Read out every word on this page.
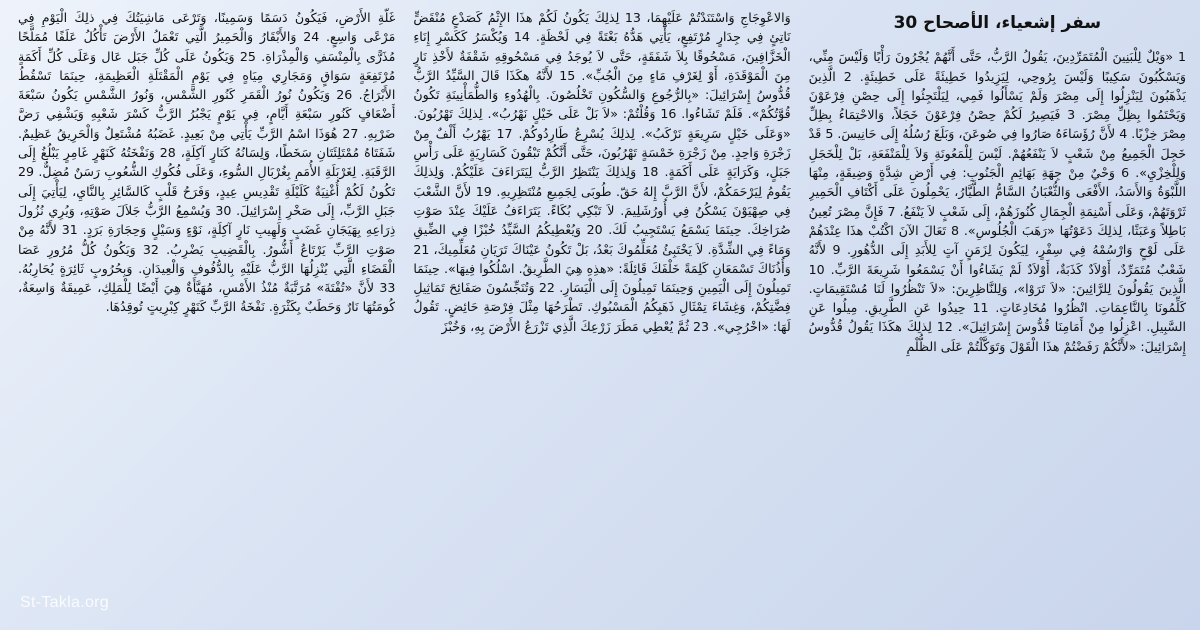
سفر إشعياء، الأصحاح 30

1 «وَيْلٌ لِلْبَنِينَ الْمُتَمَرِّدِينَ، يَقُولُ الرَّبُّ، حَتَّى أَنَّهُمْ يُجْرُونَ رَأْيًا وَلَيْسَ مِنِّي، وَيَسْكُبُونَ سَكِيبًا وَلَيْسَ بِرُوحِي، لِيَزِيدُوا خَطِيئَةً عَلَى خَطِيئَةٍ. 2 الَّذِينَ يَذْهَبُونَ لِيَنْزِلُوا إِلَى مِصْرَ وَلَمْ يَسْأَلُوا فَمِي، لِيَلْتَجِئُوا إِلَى حِصْنِ فِرْعَوْنَ وَيَحْتَمُوا بِظِلِّ مِصْرَ. 3 فَيَصِيرُ لَكُمْ حِصْنُ فِرْعَوْنَ خَجَلاً، وَالاحْتِمَاءُ بِظِلِّ مِصْرَ خِزْيًا. 4 لأَنَّ رُؤَسَاءَهُ صَارُوا فِي صُوعَنَ، وَبَلَغَ رُسُلُهُ إِلَى حَانِيسَ. 5 قَدْ خَجِلَ الْجَمِيعُ مِنْ شَعْبٍ لاَ يَنْفَعُهُمْ. لَيْسَ لِلْمَعُونَةِ وَلاَ لِلْمَنْفَعَةِ، بَلْ لِلْخَجَلِ وَلِلْخِزْيِ». 6 وَحْيٌ مِنْ جِهَةِ بَهَائِمِ الْجَنُوبِ: فِي أَرْضِ شِدَّةٍ وَضِيقَةٍ، مِنْهَا اللَّبْوَةُ وَالأَسَدُ، الأَفْعَى وَالثُّعْبَانُ السَّامُّ الطَّيَّارُ، يَحْمِلُونَ عَلَى أَكْتَافِ الْحَمِيرِ ثَرْوَتَهُمْ، وَعَلَى أَسْنِمَةِ الْجِمَالِ كُنُوزَهُمْ، إِلَى شَعْبٍ لاَ يَنْفَعُ. 7 فَإِنَّ مِصْرَ تُعِينُ بَاطِلاً وَعَبَثًا، لِذلِكَ دَعَوْتُهَا «رَهَبَ الْجُلُوسِ». 8 تَعَالَ الآنَ اكْتُبْ هذَا عِنْدَهُمْ عَلَى لَوْحٍ وَارْسُمْهُ فِي سِفْرٍ، لِيَكُونَ لِزَمَنٍ آتٍ لِلأَبَدِ إِلَى الدُّهُورِ. 9 لأَنَّهُ شَعْبٌ مُتَمَرِّدٌ، أَوْلاَدٌ كَذَبَةٌ، أَوْلاَدٌ لَمْ يَشَاءُوا أَنْ يَسْمَعُوا شَرِيعَةَ الرَّبِّ. 10 الَّذِينَ يَقُولُونَ لِلرَّائِينَ: «لاَ تَرَوْا»، وَلِلنَّاظِرِينَ: «لاَ تَنْظُرُوا لَنَا مُسْتَقِيمَاتٍ. كَلِّمُونَا بِالنَّاعِمَاتِ. انْظُرُوا مُخَادِعَاتٍ. 11 حِيدُوا عَنِ الطَّرِيقِ. مِيلُوا عَنِ السَّبِيلِ. اعْزِلُوا مِنْ أَمَامِنَا قُدُّوسَ إِسْرَائِيلَ». 12 لِذلِكَ هكَذَا يَقُولُ قُدُّوسُ إِسْرَائِيلَ: «لأَنَّكُمْ رَفَضْتُمْ هذَا الْقَوْلَ وَتَوَكَّلْتُمْ عَلَى الظُّلْمِ

وَالاعْوِجَاجِ وَاسْتَنَدْتُمْ عَلَيْهِمَا، 13 لِذلِكَ يَكُونُ لَكُمْ هذَا الإِثْمُ كَصَدْعٍ مُنْقَضٍّ نَاتِئٍ فِي جِدَارٍ مُرْتَفِعٍ، يَأْتِي هَدُّهُ بَغْتَةً فِي لَحْظَةٍ. 14 وَيُكْسَرُ كَكَسْرِ إِنَاءِ الْخَزَّافِينَ، مَسْحُوقًا بِلاَ شَفَقَةٍ، حَتَّى لاَ يُوجَدُ فِي مَسْحُوقِهِ شَقْفَةٌ لأَخْذِ نَارٍ مِنَ الْمَوْقَدَةِ، أَوْ لِغَرْفِ مَاءٍ مِنَ الْجُبِّ». 15 لأَنَّهُ هكَذَا قَالَ السَّيِّدُ الرَّبُّ قُدُّوسُ إِسْرَائِيلَ: «بِالرُّجُوعِ وَالسُّكُونِ تَخْلُصُونَ. بِالْهُدُوءِ وَالطُّمَأْنِينَةِ تَكُونُ قُوَّتُكُمْ». فَلَمْ تَشَاءُوا. 16 وَقُلْتُمْ: «لاَ بَلْ عَلَى خَيْلٍ نَهْرُبُ». لِذلِكَ تَهْرُبُونَ. «وَعَلَى خَيْلٍ سَرِيعَةٍ نَرْكَبُ». لِذلِكَ يُسْرِعُ طَارِدُوكُمْ. 17 يَهْرُبُ أَلْفٌ مِنْ زَجْرَةِ وَاحِدٍ. مِنْ زَجْرَةِ خَمْسَةٍ تَهْرُبُونَ، حَتَّى أَنَّكُمْ تَبْقُونَ كَسَارِيَةٍ عَلَى رَأْسِ جَبَلٍ، وَكَرَايَةٍ عَلَى أَكَمَةٍ. 18 وَلِذلِكَ يَنْتَظِرُ الرَّبُّ لِيَتَرَاءَفَ عَلَيْكُمْ. وَلِذلِكَ يَقُومُ لِيَرْحَمَكُمْ، لأَنَّ الرَّبَّ إِلهُ حَقّ. طُوبَى لِجَمِيعِ مُنْتَظِرِيهِ. 19 لأَنَّ الشَّعْبَ فِي صِهْيَوْنَ يَسْكُنُ فِي أُورُشَلِيمَ. لاَ تَبْكِي بُكَاءً. يَتَرَاءَفُ عَلَيْكَ عِنْدَ صَوْتِ صُرَاخِكَ. حِينَمَا يَسْمَعُ يَسْتَجِيبُ لَكَ. 20 وَيُعْطِيكُمُ السَّيِّدُ خُبْزًا فِي الضِّيقِ وَمَاءً فِي الشِّدَّةِ. لاَ يَخْتَبِئُ مُعَلِّمُوكَ بَعْدُ، بَلْ تَكُونُ عَيْنَاكَ تَرَيَانِ مُعَلِّمِيكَ، 21 وَأُذُنَاكَ تَسْمَعَانِ كَلِمَةً خَلْفَكَ قَائِلَةً: «هذِهِ هِيَ الطَّرِيقُ. اسْلُكُوا فِيهَا». حِينَمَا تَمِيلُونَ إِلَى الْيَمِينِ وَحِينَمَا تَمِيلُونَ إِلَى الْيَسَارِ. 22 وَتُنَجِّسُونَ صَفَائِحَ تَمَاثِيلِ فِضَّتِكُمْ، وَغِشَاءَ تِمْثَالِ ذَهَبِكُمُ الْمَسْبُوكِ. تَطْرَحُهَا مِثْلَ فِرْصَةِ حَائِضٍ. تَقُولُ لَهَا: «اخْرُجِي». 23 ثُمَّ يُعْطِي مَطَرَ زَرْعِكَ الَّذِي تَزْرَعُ الأَرْضَ بِهِ، وَخُبْزَ

غَلَّةِ الأَرْضِ، فَيَكُونُ دَسَمًا وَسَمِينًا، وَتَرْعَى مَاشِيَتُكَ فِي ذلِكَ الْيَوْمِ فِي مَرْعًى وَاسِعٍ. 24 وَالأَبْقَارُ وَالْحَمِيرُ الَّتِي تَعْمَلُ الأَرْضَ تَأْكُلُ عَلَفًا مُمَلَّحًا مُذَرًّى بِالْمِنْسَفِ وَالْمِذْرَاةِ. 25 وَيَكُونُ عَلَى كُلِّ جَبَل عَال وَعَلَى كُلِّ أَكَمَةٍ مُرْتَفِعَةٍ سَوَاقٍ وَمَجَارِي مِيَاهٍ فِي يَوْمِ الْمَقْتَلَةِ الْعَظِيمَةِ، حِينَمَا تَسْقُطُ الأَبْرَاجُ. 26 وَيَكُونُ نُورُ الْقَمَرِ كَنُورِ الشَّمْسِ، وَنُورُ الشَّمْسِ يَكُونُ سَبْعَةَ أَضْعَافٍ كَنُورِ سَبْعَةِ أَيَّامٍ، فِي يَوْمٍ يَجْبُرُ الرَّبُّ كَسْرَ شَعْبِهِ وَيَشْفِي رَضَّ ضَرْبِهِ. 27 هُوَذَا اسْمُ الرَّبِّ يَأْتِي مِنْ بَعِيدٍ. غَضَبُهُ مُشْتَعِلٌ وَالْحَرِيقُ عَظِيمٌ. شَفَتَاهُ مُمْتَلِئَتَانِ سَخَطًا، وَلِسَانُهُ كَنَارٍ آكِلَةٍ، 28 وَنَفْخَتُهُ كَنَهْرٍ غَامِرٍ يَبْلُغُ إِلَى الرَّقَبَةِ. لِغَرْبَلَةِ الأُمَمِ بِغُرْبَالِ السُّوءِ، وَعَلَى فُكُوكِ الشُّعُوبِ رَسَنٌ مُضِلٌّ. 29 تَكُونُ لَكُمْ أُغْنِيَةٌ كَلَيْلَةِ تَقْدِيسِ عِيدٍ، وَفَرَحُ قَلْبٍ كَالسَّائِرِ بِالنَّايِ، لِيَأْتِيَ إِلَى جَبَلِ الرَّبِّ، إِلَى صَخْرِ إِسْرَائِيلَ. 30 وَيُسْمِعُ الرَّبُّ جَلاَلَ صَوْتِهِ، وَيُرِي نُزُولَ ذِرَاعِهِ بِهَيَجَانِ غَضَبٍ وَلَهِيبِ نَارٍ آكِلَةٍ، نَوْءٍ وَسَيْلٍ وَحِجَارَةِ بَرَدٍ. 31 لأَنَّهُ مِنْ صَوْتِ الرَّبِّ يَرْتَاعُ أَشُّورُ. بِالْقَضِيبِ يَضْرِبُ. 32 وَيَكُونُ كُلُّ مُرُورِ عَصَا الْقَضَاءِ الَّتِي يُنْزِلُهَا الرَّبُّ عَلَيْهِ بِالدُّفُوفِ وَالْعِيدَانِ. وَبِحُرُوبٍ ثَائِرَةٍ يُحَارِبُهُ. 33 لأَنَّ «تُفْتَةَ» مُرَتَّبَةٌ مُنْذُ الأَمْسِ، مُهَيَّأَةٌ هِيَ أَيْضًا لِلْمَلِكِ، عَمِيقَةٌ وَاسِعَةٌ، كُومَتُهَا نَارٌ وَحَطَبٌ بِكَثْرَةٍ. نَفْخَةُ الرَّبِّ كَنَهْرٍ كِبْرِيتٍ تُوقِدُهَا.

St-Takla.org
